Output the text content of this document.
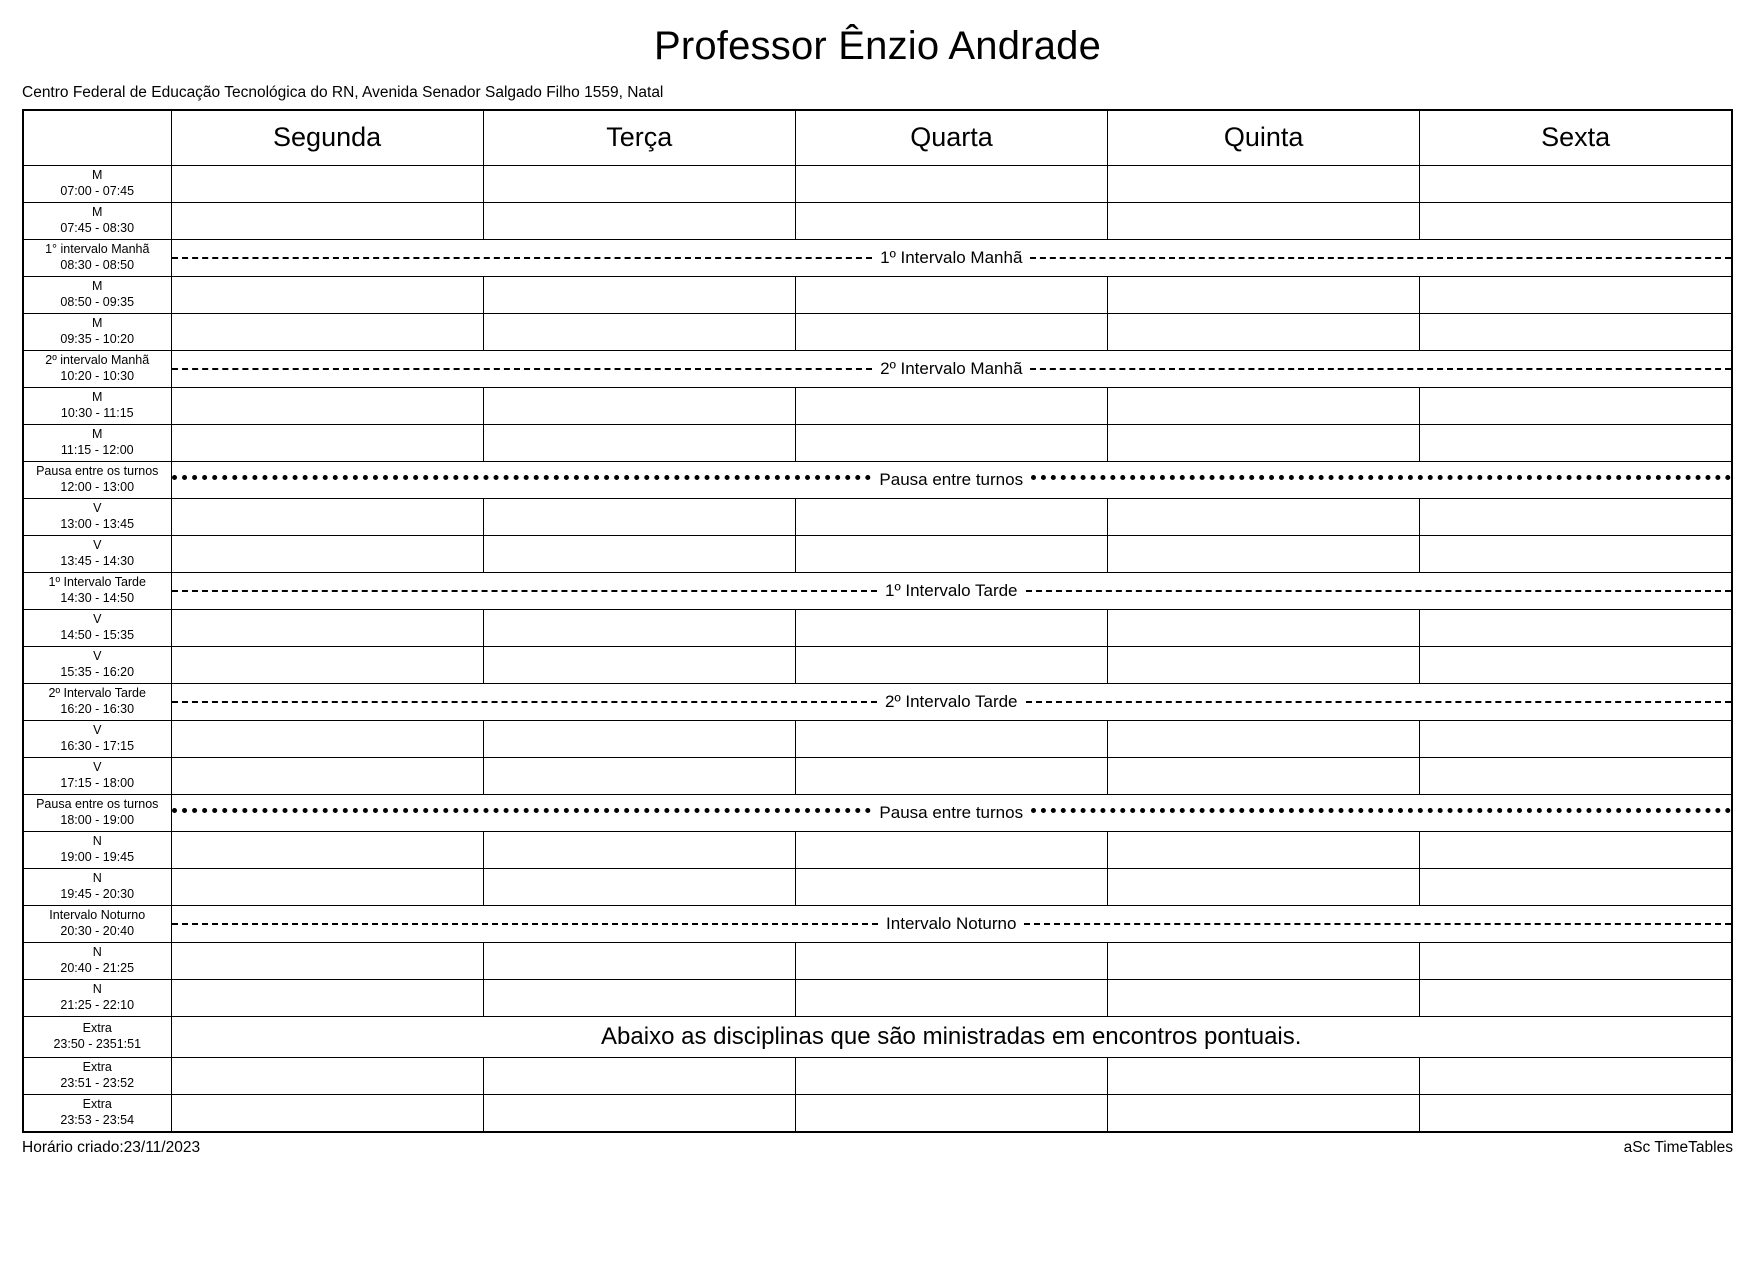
Professor Ênzio Andrade
Centro Federal de Educação Tecnológica do RN, Avenida Senador Salgado Filho 1559, Natal
	Segunda	Terça	Quarta	Quinta	Sexta

M
07:00 - 07:45					

M
07:45 - 08:30					

1° intervalo Manhã
08:30 - 08:50	1º Intervalo Manhã				

M
08:50 - 09:35					

M
09:35 - 10:20					

2º intervalo Manhã
10:20 - 10:30	2º Intervalo Manhã				

M
10:30 - 11:15					

M
11:15 - 12:00					

Pausa entre os turnos
12:00 - 13:00	Pausa entre turnos				

V
13:00 - 13:45					

V
13:45 - 14:30					

1º Intervalo Tarde
14:30 - 14:50	1º Intervalo Tarde				

V
14:50 - 15:35					

V
15:35 - 16:20					

2º Intervalo Tarde
16:20 - 16:30	2º Intervalo Tarde				

V
16:30 - 17:15					

V
17:15 - 18:00					

Pausa entre os turnos
18:00 - 19:00	Pausa entre turnos				

N
19:00 - 19:45					

N
19:45 - 20:30					

Intervalo Noturno
20:30 - 20:40	Intervalo Noturno				

N
20:40 - 21:25					

N
21:25 - 22:10					

Extra
23:50 - 2351:51	Abaixo as disciplinas que são ministradas em encontros pontuais.				

Extra
23:51 - 23:52					

Extra
23:53 - 23:54					

Horário criado:23/11/2023	aSc TimeTables
